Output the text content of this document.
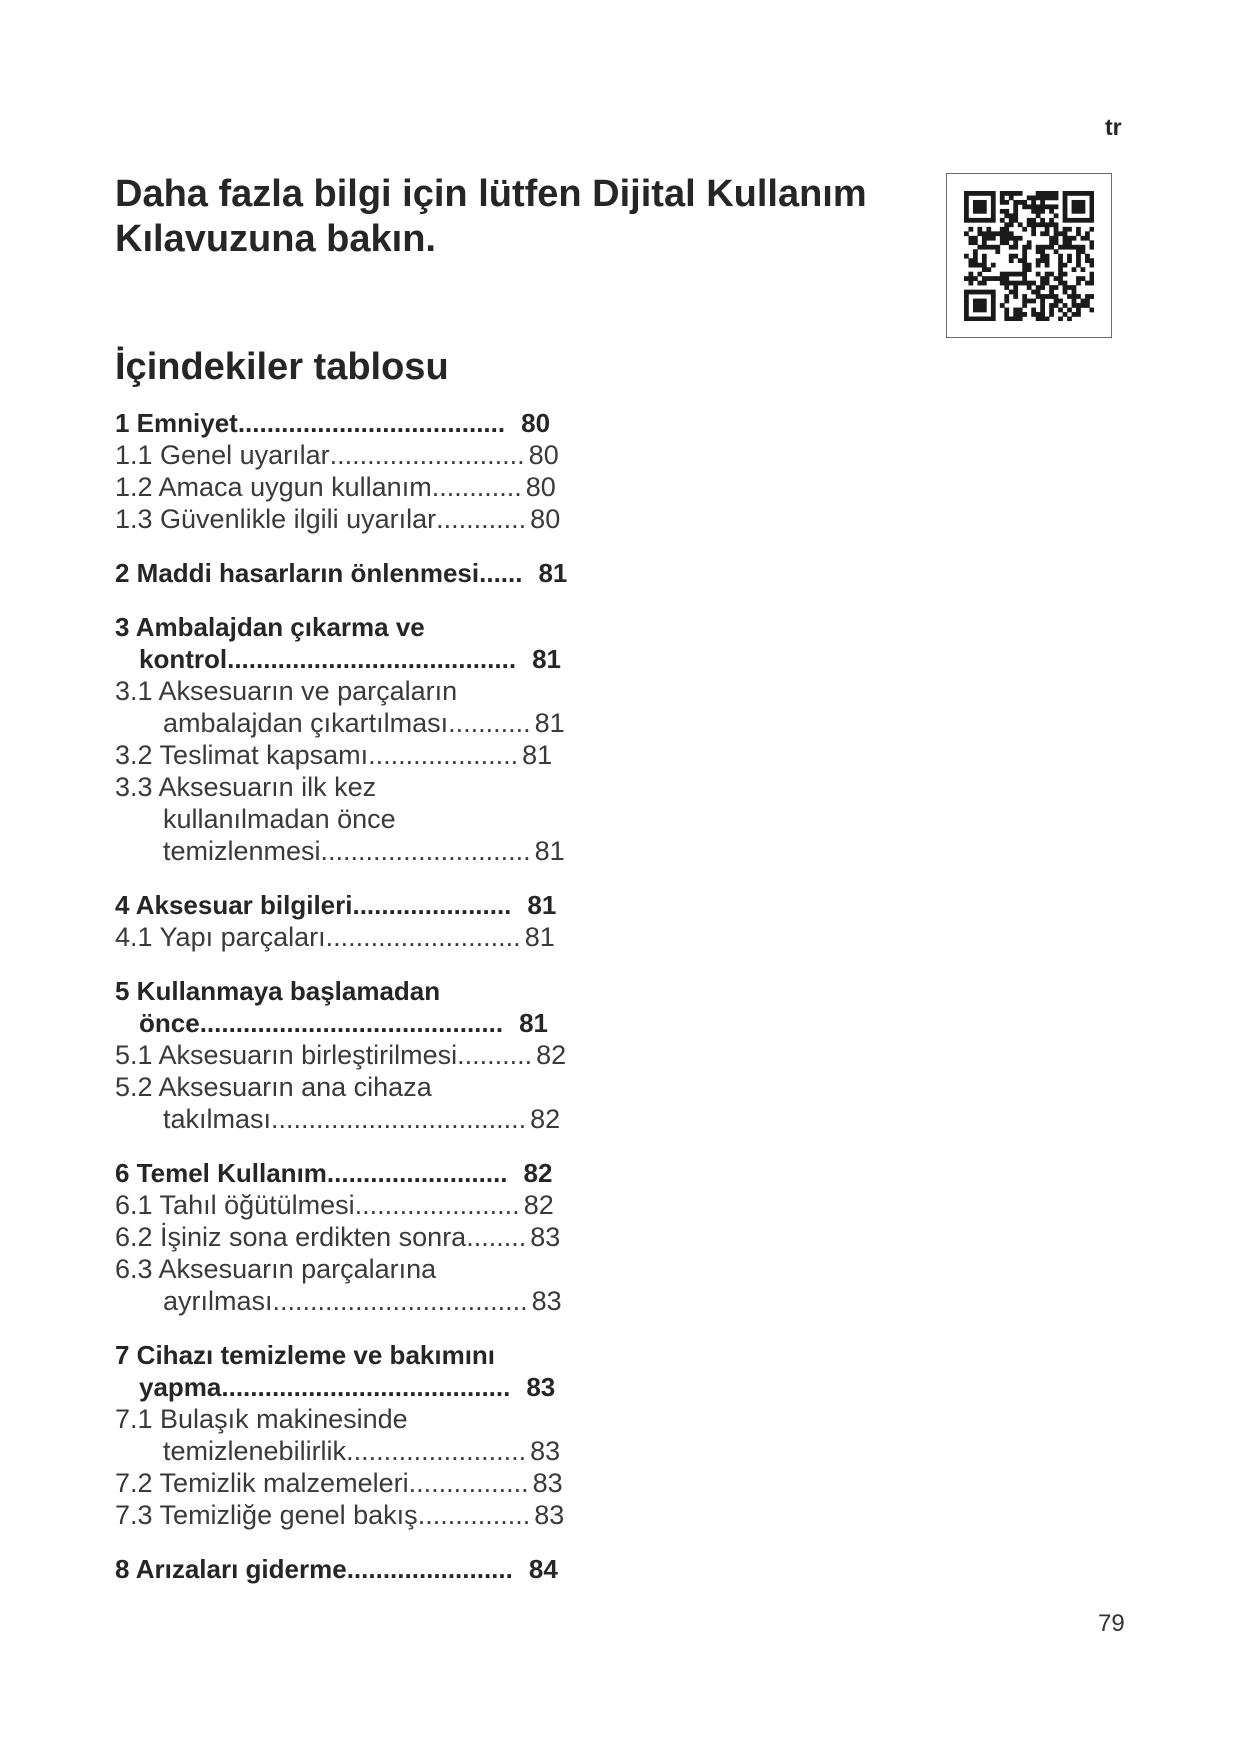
tr
Daha fazla bilgi için lütfen Dijital Kullanım Kılavuzuna bakın.
İçindekiler tablosu
1 Emniyet ..................................... 80
1.1 Genel uyarılar .......................... 80
1.2 Amaca uygun kullanım ............ 80
1.3 Güvenlikle ilgili uyarılar ............ 80
2 Maddi hasarların önlenmesi ...... 81
3 Ambalajdan çıkarma ve
kontrol ........................................ 81
3.1 Aksesuarın ve parçaların
ambalajdan çıkartılması ........... 81
3.2 Teslimat kapsamı .................... 81
3.3 Aksesuarın ilk kez
kullanılmadan önce
temizlenmesi ............................ 81
4 Aksesuar bilgileri ...................... 81
4.1 Yapı parçaları .......................... 81
5 Kullanmaya başlamadan
önce .......................................... 81
5.1 Aksesuarın birleştirilmesi .......... 82
5.2 Aksesuarın ana cihaza
takılması .................................. 82
6 Temel Kullanım ......................... 82
6.1 Tahıl öğütülmesi ...................... 82
6.2 İşiniz sona erdikten sonra ........ 83
6.3 Aksesuarın parçalarına
ayrılması .................................. 83
7 Cihazı temizleme ve bakımını
yapma ........................................ 83
7.1 Bulaşık makinesinde
temizlenebilirlik ........................ 83
7.2 Temizlik malzemeleri ................ 83
7.3 Temizliğe genel bakış ............... 83
8 Arızaları giderme ....................... 84
79
